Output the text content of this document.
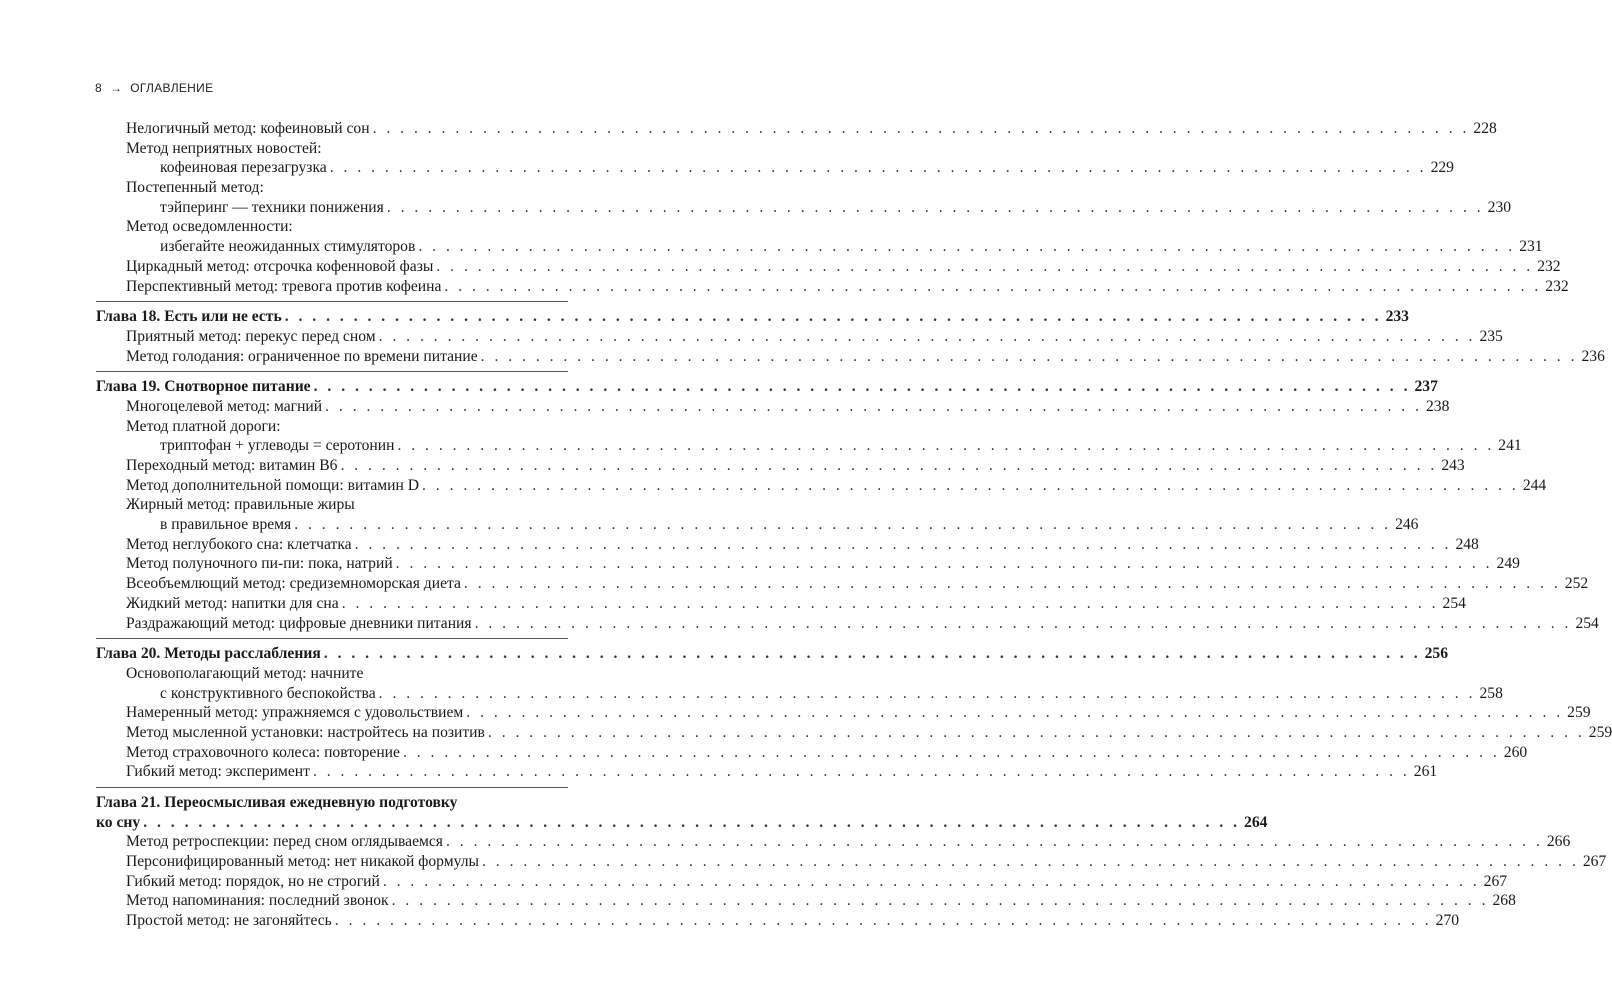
8 → ОГЛАВЛЕНИЕ
Нелогичный метод: кофеиновый сон . . . . . . . . . . . . . . . . . . . . . . . . . . . . . . . . . . . . . . . . . . . . . . . . . . . . . . . . . . . . . . . . . . . . . . . . . . . . . . . . 228
Метод неприятных новостей:
кофеиновая перезагрузка . . . . . . . . . . . . . . . . . . . . . . . . . . . . . . . . . . . . . . . . . . . . . . . . . . . . . . . . . . . . . . . . . . . . . . . . . . . . . . . . 229
Постепенный метод:
тэйперинг — техники понижения . . . . . . . . . . . . . . . . . . . . . . . . . . . . . . . . . . . . . . . . . . . . . . . . . . . . . . . . . . . . . . . . . . . . . . . . . . . . . . . . 230
Метод осведомленности:
избегайте неожиданных стимуляторов . . . . . . . . . . . . . . . . . . . . . . . . . . . . . . . . . . . . . . . . . . . . . . . . . . . . . . . . . . . . . . . . . . . . . . . . . . . . . . . . 231
Циркадный метод: отсрочка кофенновой фазы . . . . . . . . . . . . . . . . . . . . . . . . . . . . . . . . . . . . . . . . . . . . . . . . . . . . . . . . . . . . . . . . . . . . . . . . . . . . . . . . 232
Перспективный метод: тревога против кофеина . . . . . . . . . . . . . . . . . . . . . . . . . . . . . . . . . . . . . . . . . . . . . . . . . . . . . . . . . . . . . . . . . . . . . . . . . . . . . . . . 232
Глава 18. Есть или не есть . . . . . . . . . . . . . . . . . . . . . . . . . . . . . . . . . . . . . . . . . . . . . . . . . . . . . . . . . . . . . . . . . . . . . . . . . . . . . . . . 233
Приятный метод: перекус перед сном . . . . . . . . . . . . . . . . . . . . . . . . . . . . . . . . . . . . . . . . . . . . . . . . . . . . . . . . . . . . . . . . . . . . . . . . . . . . . . . . 235
Метод голодания: ограниченное по времени питание . . . . . . . . . . . . . . . . . . . . . . . . . . . . . . . . . . . . . . . . . . . . . . . . . . . . . . . . . . . . . . . . . . . . . . . . . . . . . . . . 236
Глава 19. Снотворное питание . . . . . . . . . . . . . . . . . . . . . . . . . . . . . . . . . . . . . . . . . . . . . . . . . . . . . . . . . . . . . . . . . . . . . . . . . . . . . . . . 237
Многоцелевой метод: магний . . . . . . . . . . . . . . . . . . . . . . . . . . . . . . . . . . . . . . . . . . . . . . . . . . . . . . . . . . . . . . . . . . . . . . . . . . . . . . . . 238
Метод платной дороги:
триптофан + углеводы = серотонин . . . . . . . . . . . . . . . . . . . . . . . . . . . . . . . . . . . . . . . . . . . . . . . . . . . . . . . . . . . . . . . . . . . . . . . . . . . . . . . . 241
Переходный метод: витамин В6 . . . . . . . . . . . . . . . . . . . . . . . . . . . . . . . . . . . . . . . . . . . . . . . . . . . . . . . . . . . . . . . . . . . . . . . . . . . . . . . . 243
Метод дополнительной помощи: витамин D . . . . . . . . . . . . . . . . . . . . . . . . . . . . . . . . . . . . . . . . . . . . . . . . . . . . . . . . . . . . . . . . . . . . . . . . . . . . . . . . 244
Жирный метод: правильные жиры
в правильное время . . . . . . . . . . . . . . . . . . . . . . . . . . . . . . . . . . . . . . . . . . . . . . . . . . . . . . . . . . . . . . . . . . . . . . . . . . . . . . . . 246
Метод неглубокого сна: клетчатка . . . . . . . . . . . . . . . . . . . . . . . . . . . . . . . . . . . . . . . . . . . . . . . . . . . . . . . . . . . . . . . . . . . . . . . . . . . . . . . . 248
Метод полуночного пи-пи: пока, натрий . . . . . . . . . . . . . . . . . . . . . . . . . . . . . . . . . . . . . . . . . . . . . . . . . . . . . . . . . . . . . . . . . . . . . . . . . . . . . . . . 249
Всеобъемлющий метод: средиземноморская диета . . . . . . . . . . . . . . . . . . . . . . . . . . . . . . . . . . . . . . . . . . . . . . . . . . . . . . . . . . . . . . . . . . . . . . . . . . . . . . . . 252
Жидкий метод: напитки для сна . . . . . . . . . . . . . . . . . . . . . . . . . . . . . . . . . . . . . . . . . . . . . . . . . . . . . . . . . . . . . . . . . . . . . . . . . . . . . . . . 254
Раздражающий метод: цифровые дневники питания . . . . . . . . . . . . . . . . . . . . . . . . . . . . . . . . . . . . . . . . . . . . . . . . . . . . . . . . . . . . . . . . . . . . . . . . . . . . . . . . 254
Глава 20. Методы расслабления . . . . . . . . . . . . . . . . . . . . . . . . . . . . . . . . . . . . . . . . . . . . . . . . . . . . . . . . . . . . . . . . . . . . . . . . . . . . . . . . 256
Основополагающий метод: начните
с конструктивного беспокойства . . . . . . . . . . . . . . . . . . . . . . . . . . . . . . . . . . . . . . . . . . . . . . . . . . . . . . . . . . . . . . . . . . . . . . . . . . . . . . . . 258
Намеренный метод: упражняемся с удовольствием . . . . . . . . . . . . . . . . . . . . . . . . . . . . . . . . . . . . . . . . . . . . . . . . . . . . . . . . . . . . . . . . . . . . . . . . . . . . . . . . 259
Метод мысленной установки: настройтесь на позитив . . . . . . . . . . . . . . . . . . . . . . . . . . . . . . . . . . . . . . . . . . . . . . . . . . . . . . . . . . . . . . . . . . . . . . . . . . . . . . . . 259
Метод страховочного колеса: повторение . . . . . . . . . . . . . . . . . . . . . . . . . . . . . . . . . . . . . . . . . . . . . . . . . . . . . . . . . . . . . . . . . . . . . . . . . . . . . . . . 260
Гибкий метод: эксперимент . . . . . . . . . . . . . . . . . . . . . . . . . . . . . . . . . . . . . . . . . . . . . . . . . . . . . . . . . . . . . . . . . . . . . . . . . . . . . . . . 261
Глава 21. Переосмысливая ежедневную подготовку
ко сну . . . . . . . . . . . . . . . . . . . . . . . . . . . . . . . . . . . . . . . . . . . . . . . . . . . . . . . . . . . . . . . . . . . . . . . . . . . . . . . . 264
Метод ретроспекции: перед сном оглядываемся . . . . . . . . . . . . . . . . . . . . . . . . . . . . . . . . . . . . . . . . . . . . . . . . . . . . . . . . . . . . . . . . . . . . . . . . . . . . . . . . 266
Персонифицированный метод: нет никакой формулы . . . . . . . . . . . . . . . . . . . . . . . . . . . . . . . . . . . . . . . . . . . . . . . . . . . . . . . . . . . . . . . . . . . . . . . . . . . . . . . . 267
Гибкий метод: порядок, но не строгий . . . . . . . . . . . . . . . . . . . . . . . . . . . . . . . . . . . . . . . . . . . . . . . . . . . . . . . . . . . . . . . . . . . . . . . . . . . . . . . . 267
Метод напоминания: последний звонок . . . . . . . . . . . . . . . . . . . . . . . . . . . . . . . . . . . . . . . . . . . . . . . . . . . . . . . . . . . . . . . . . . . . . . . . . . . . . . . . 268
Простой метод: не загоняйтесь . . . . . . . . . . . . . . . . . . . . . . . . . . . . . . . . . . . . . . . . . . . . . . . . . . . . . . . . . . . . . . . . . . . . . . . . . . . . . . . . 270
